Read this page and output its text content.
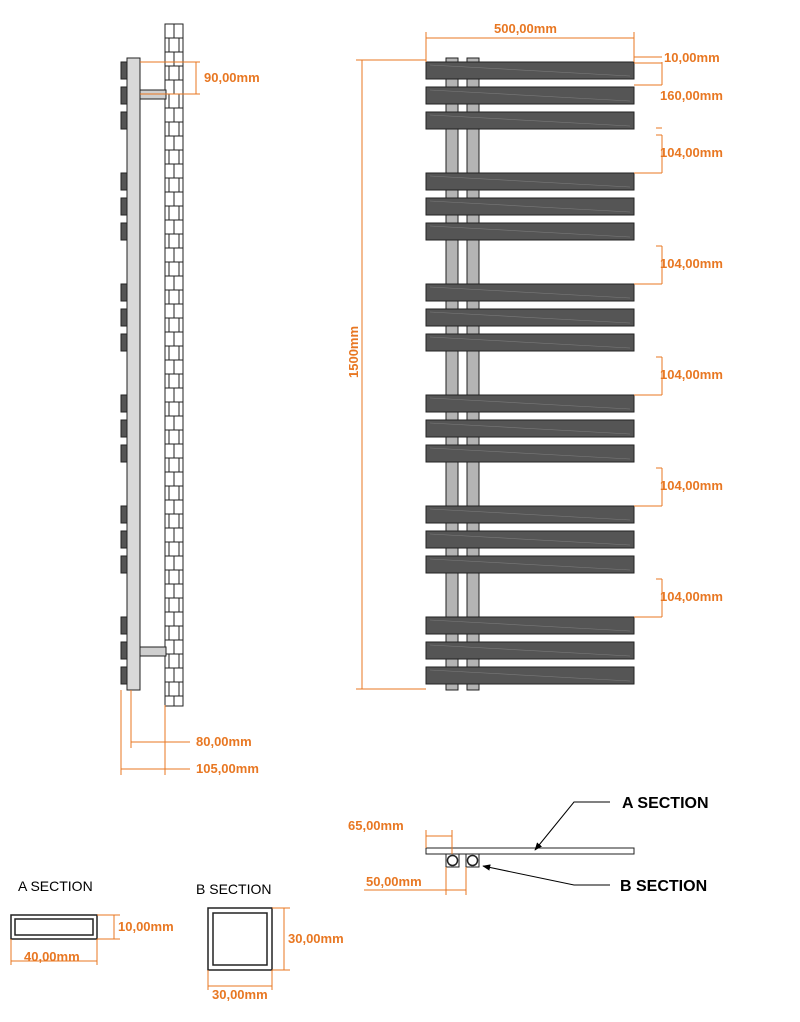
90,00mm
80,00mm
105,00mm
500,00mm
1500mm
10,00mm
160,00mm
104,00mm
104,00mm
104,00mm
104,00mm
104,00mm
65,00mm
50,00mm
A SECTION
B SECTION
A SECTION
10,00mm
40,00mm
B SECTION
30,00mm
30,00mm
